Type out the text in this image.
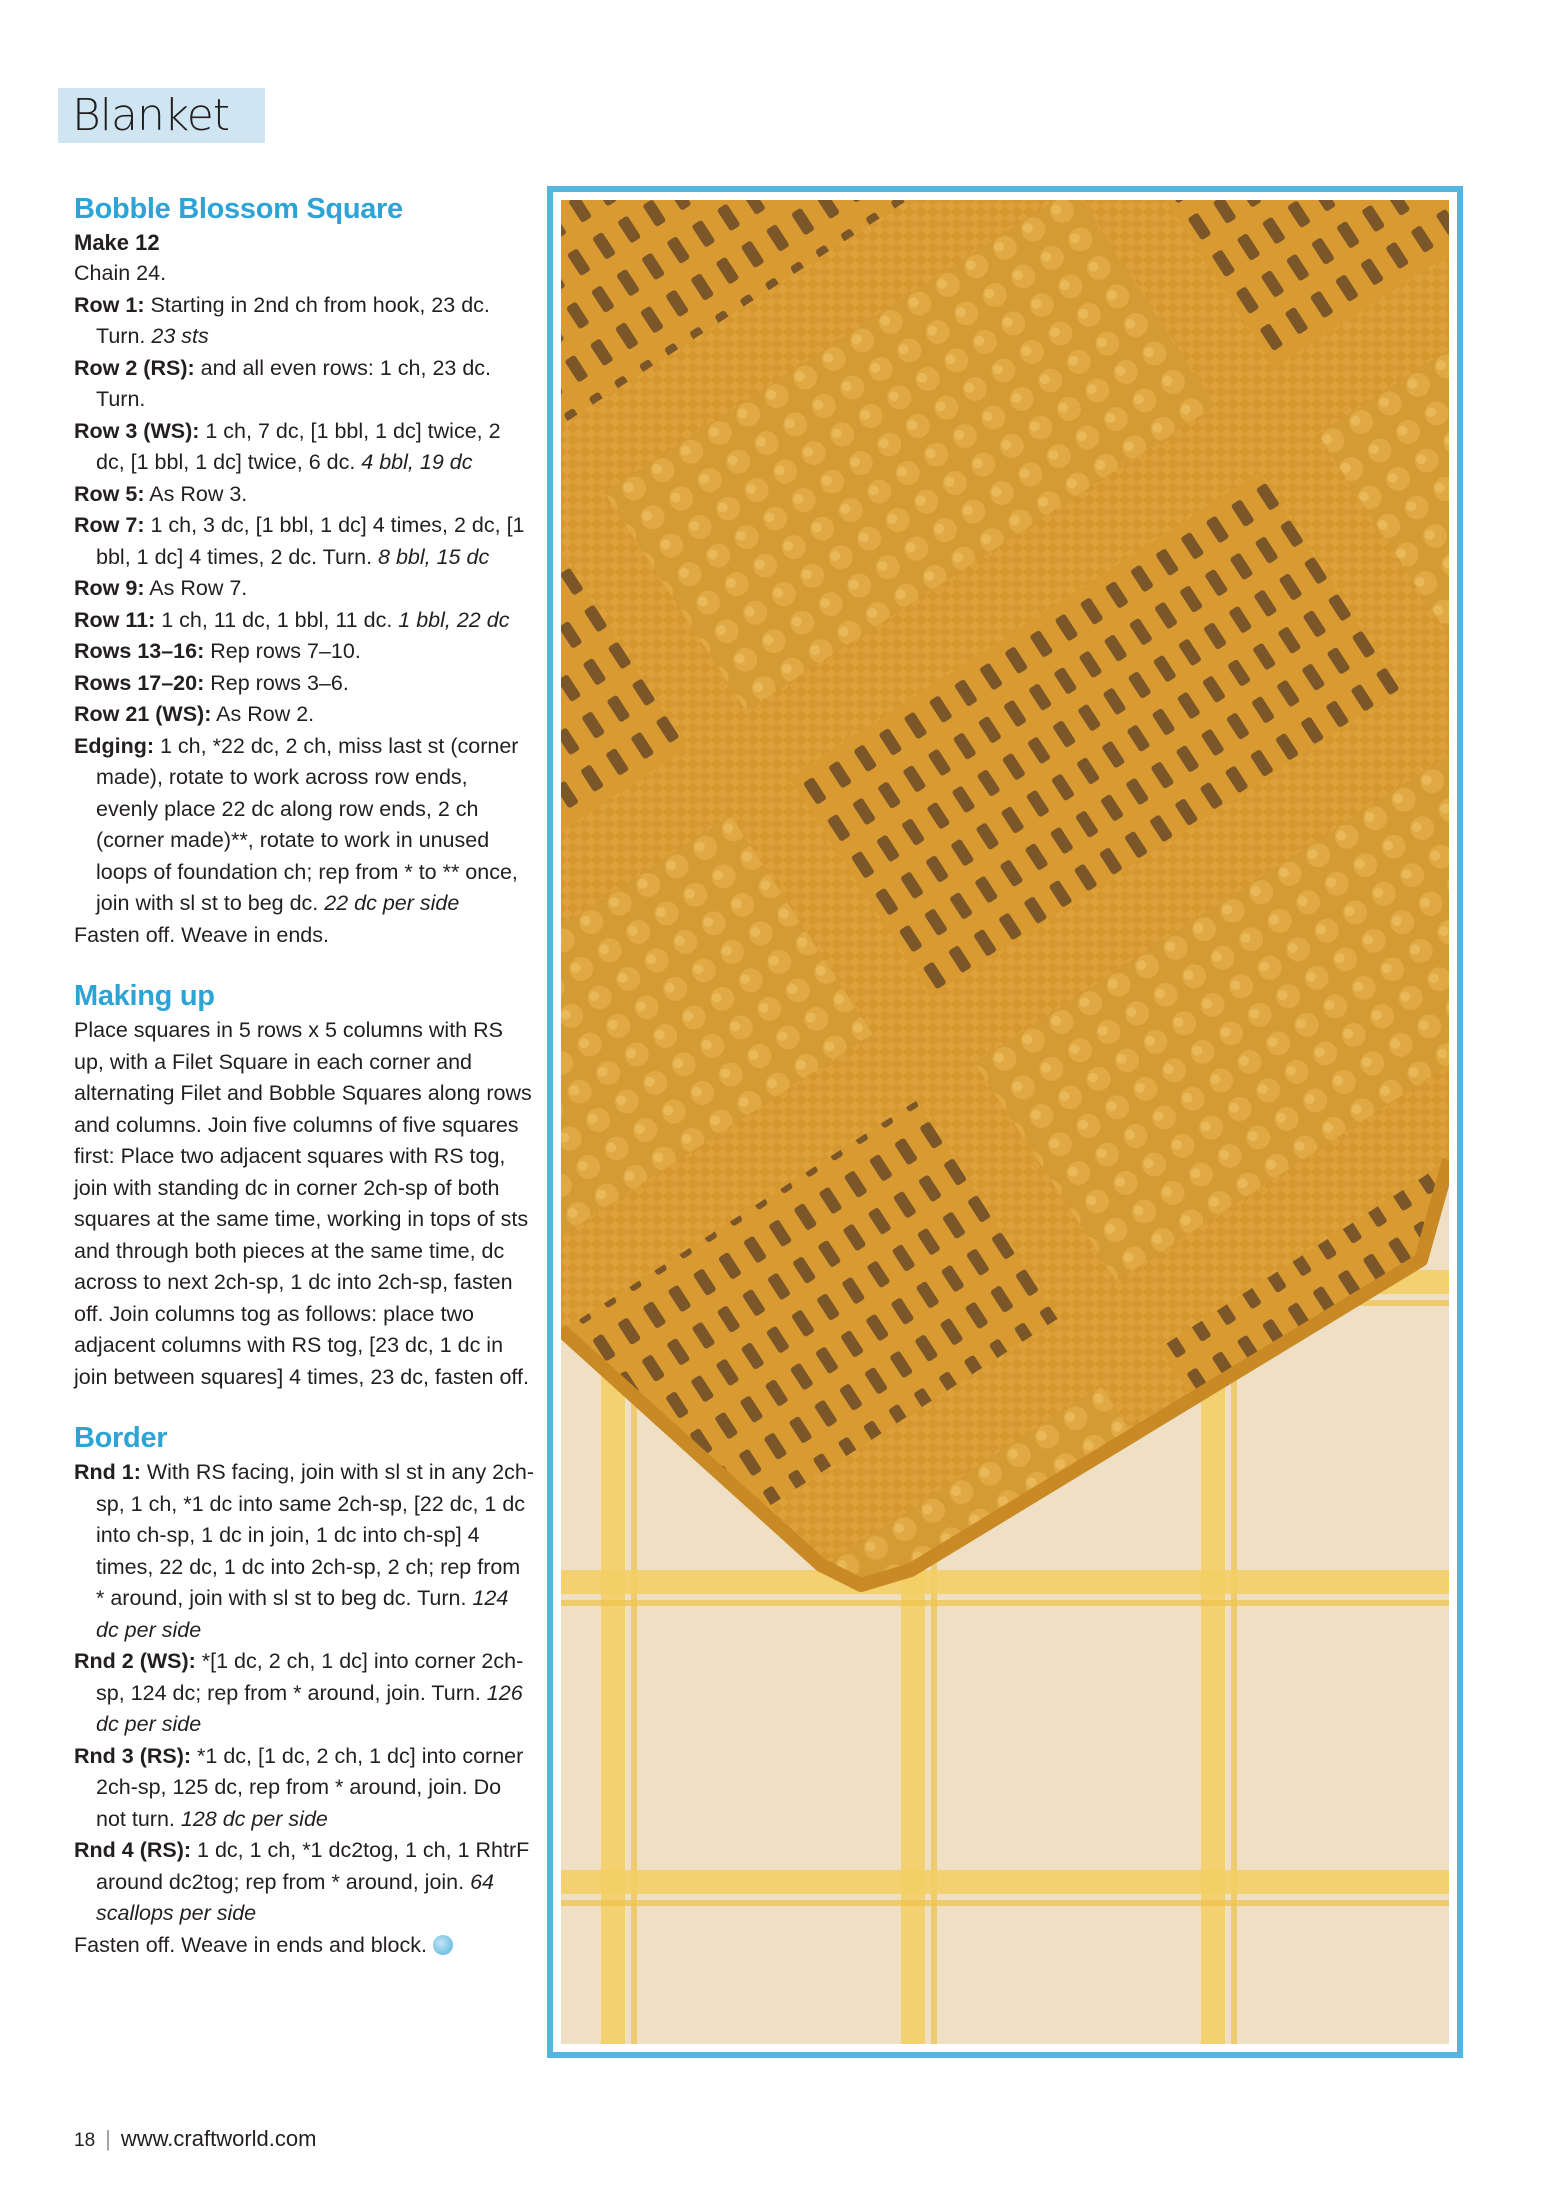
Blanket
Bobble Blossom Square
Make 12
Chain 24.
Row 1: Starting in 2nd ch from hook, 23 dc. Turn. 23 sts
Row 2 (RS): and all even rows: 1 ch, 23 dc. Turn.
Row 3 (WS): 1 ch, 7 dc, [1 bbl, 1 dc] twice, 2 dc, [1 bbl, 1 dc] twice, 6 dc. 4 bbl, 19 dc
Row 5: As Row 3.
Row 7: 1 ch, 3 dc, [1 bbl, 1 dc] 4 times, 2 dc, [1 bbl, 1 dc] 4 times, 2 dc. Turn. 8 bbl, 15 dc
Row 9: As Row 7.
Row 11: 1 ch, 11 dc, 1 bbl, 11 dc. 1 bbl, 22 dc
Rows 13–16: Rep rows 7–10.
Rows 17–20: Rep rows 3–6.
Row 21 (WS): As Row 2.
Edging: 1 ch, *22 dc, 2 ch, miss last st (corner made), rotate to work across row ends, evenly place 22 dc along row ends, 2 ch (corner made)**, rotate to work in unused loops of foundation ch; rep from * to ** once, join with sl st to beg dc. 22 dc per side
Fasten off. Weave in ends.
Making up
Place squares in 5 rows x 5 columns with RS up, with a Filet Square in each corner and alternating Filet and Bobble Squares along rows and columns. Join five columns of five squares first: Place two adjacent squares with RS tog, join with standing dc in corner 2ch-sp of both squares at the same time, working in tops of sts and through both pieces at the same time, dc across to next 2ch-sp, 1 dc into 2ch-sp, fasten off. Join columns tog as follows: place two adjacent columns with RS tog, [23 dc, 1 dc in join between squares] 4 times, 23 dc, fasten off.
Border
Rnd 1: With RS facing, join with sl st in any 2ch-sp, 1 ch, *1 dc into same 2ch-sp, [22 dc, 1 dc into ch-sp, 1 dc in join, 1 dc into ch-sp] 4 times, 22 dc, 1 dc into 2ch-sp, 2 ch; rep from * around, join with sl st to beg dc. Turn. 124 dc per side
Rnd 2 (WS): *[1 dc, 2 ch, 1 dc] into corner 2ch-sp, 124 dc; rep from * around, join. Turn. 126 dc per side
Rnd 3 (RS): *1 dc, [1 dc, 2 ch, 1 dc] into corner 2ch-sp, 125 dc, rep from * around, join. Do not turn. 128 dc per side
Rnd 4 (RS): 1 dc, 1 ch, *1 dc2tog, 1 ch, 1 RhtrF around dc2tog; rep from * around, join. 64 scallops per side
Fasten off. Weave in ends and block.
18 | www.craftworld.com
